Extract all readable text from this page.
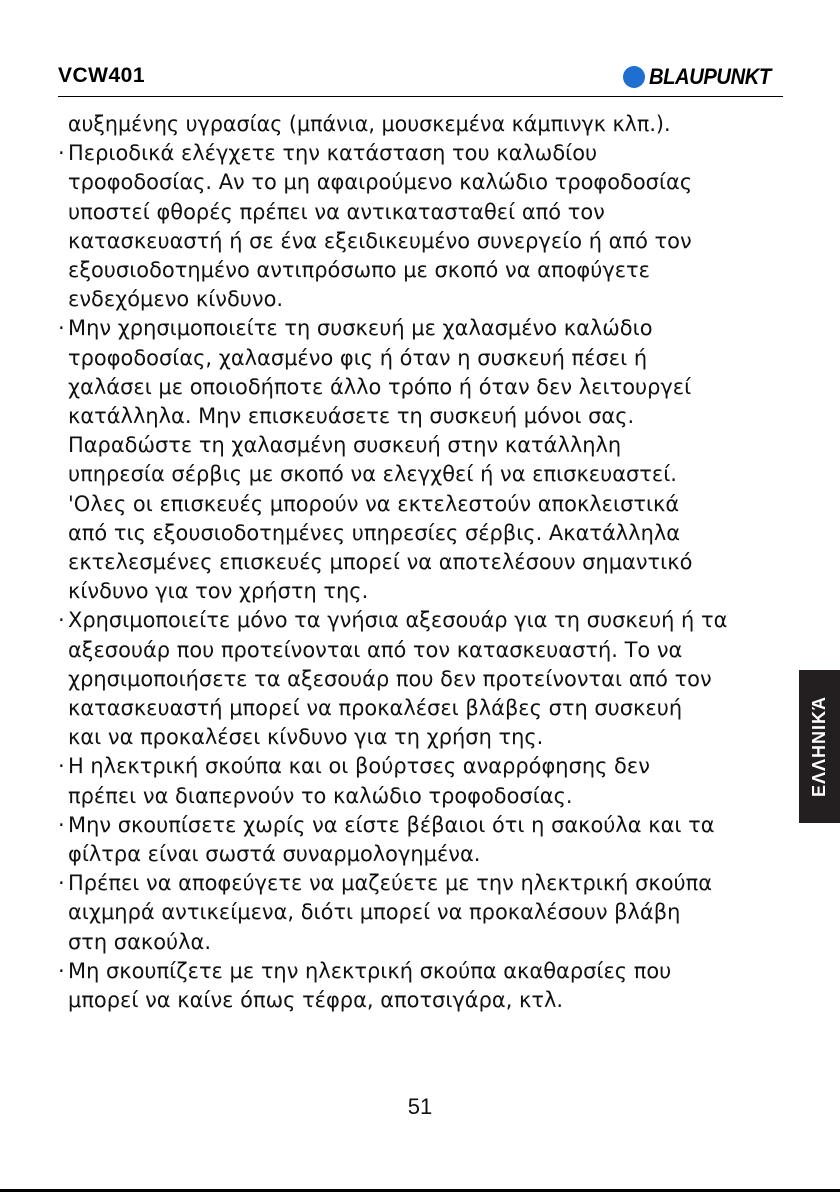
VCW401	BLAUPUNKT
αυξημένης υγρασίας (μπάνια, μουσκεμένα κάμπινγκ κλπ.).
· Περιοδικά ελέγχετε την κατάσταση του καλωδίου
τροφοδοσίας. Αν το μη αφαιρούμενο καλώδιο τροφοδοσίας
υποστεί φθορές πρέπει να αντικατασταθεί από τον
κατασκευαστή ή σε ένα εξειδικευμένο συνεργείο ή από τον
εξουσιοδοτημένο αντιπρόσωπο με σκοπό να αποφύγετε
ενδεχόμενο κίνδυνο.
· Μην χρησιμοποιείτε τη συσκευή με χαλασμένο καλώδιο
τροφοδοσίας, χαλασμένο φις ή όταν η συσκευή πέσει ή
χαλάσει με οποιοδήποτε άλλο τρόπο ή όταν δεν λειτουργεί
κατάλληλα. Μην επισκευάσετε τη συσκευή μόνοι σας.
Παραδώστε τη χαλασμένη συσκευή στην κατάλληλη
υπηρεσία σέρβις με σκοπό να ελεγχθεί ή να επισκευαστεί.
'Ολες οι επισκευές μπορούν να εκτελεστούν αποκλειστικά
από τις εξουσιοδοτημένες υπηρεσίες σέρβις. Ακατάλληλα
εκτελεσμένες επισκευές μπορεί να αποτελέσουν σημαντικό
κίνδυνο για τον χρήστη της.
· Χρησιμοποιείτε μόνο τα γνήσια αξεσουάρ για τη συσκευή ή τα
αξεσουάρ που προτείνονται από τον κατασκευαστή. Το να
χρησιμοποιήσετε τα αξεσουάρ που δεν προτείνονται από τον
κατασκευαστή μπορεί να προκαλέσει βλάβες στη συσκευή
και να προκαλέσει κίνδυνο για τη χρήση της.
· Η ηλεκτρική σκούπα και οι βούρτσες αναρρόφησης δεν
πρέπει να διαπερνούν το καλώδιο τροφοδοσίας.
· Μην σκουπίσετε χωρίς να είστε βέβαιοι ότι η σακούλα και τα
φίλτρα είναι σωστά συναρμολογημένα.
· Πρέπει να αποφεύγετε να μαζεύετε με την ηλεκτρική σκούπα
αιχμηρά αντικείμενα, διότι μπορεί να προκαλέσουν βλάβη
στη σακούλα.
· Μη σκουπίζετε με την ηλεκτρική σκούπα ακαθαρσίες που
μπορεί να καίνε όπως τέφρα, αποτσιγάρα, κτλ.
ΕΛΛΗΝΙΚΆ
51
